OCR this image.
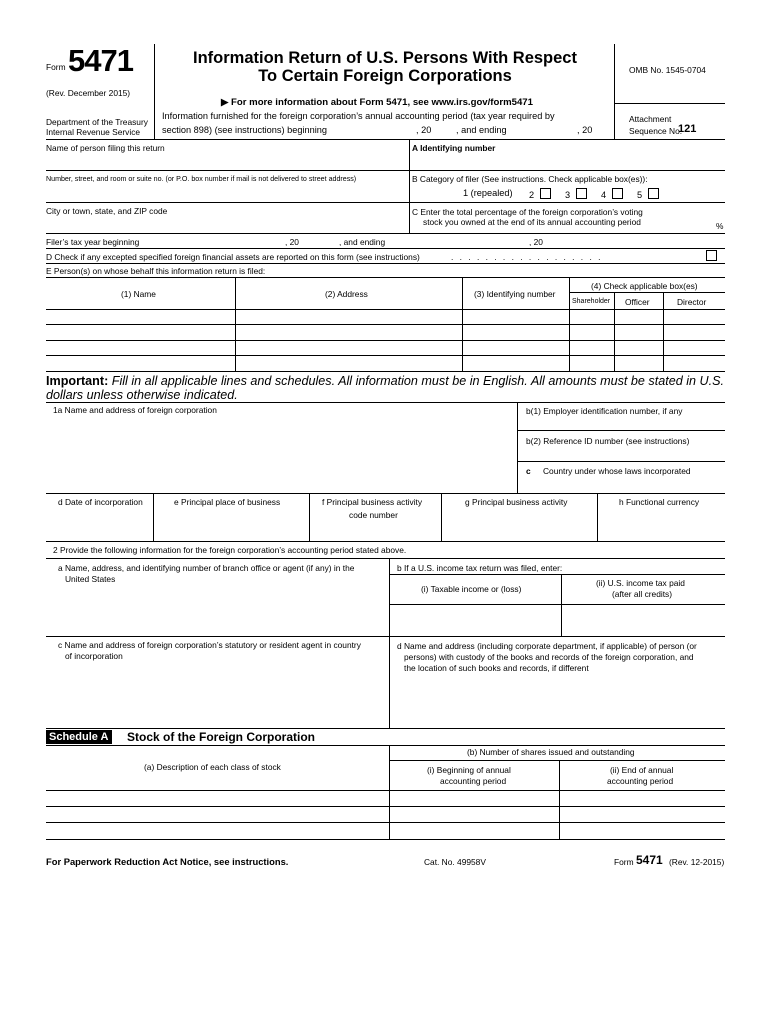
Form 5471
(Rev. December 2015)
Department of the Treasury
Internal Revenue Service
Information Return of U.S. Persons With Respect
To Certain Foreign Corporations
▶ For more information about Form 5471, see www.irs.gov/form5471
Information furnished for the foreign corporation’s annual accounting period (tax year required by
section 898) (see instructions) beginning	, 20	, and ending	, 20
OMB No. 1545-0704
Attachment
Sequence No.
121
Name of person filing this return	A Identifying number
Number, street, and room or suite no. (or P.O. box number if mail is not delivered to street address)	B Category of filer (See instructions. Check applicable box(es)):
1 (repealed) 2	3	4	5
City or town, state, and ZIP code	C Enter the total percentage of the foreign corporation’s voting
stock you owned at the end of its annual accounting period	%
Filer’s tax year beginning	, 20	, and ending	, 20
D Check if any excepted specified foreign financial assets are reported on this form (see instructions)	. . . . . . . . . . . . . . . . . .
E Person(s) on whose behalf this information return is filed:
(1) Name	(2) Address	(3) Identifying number
(4) Check applicable box(es)
Shareholder Officer	Director
Important: Fill in all applicable lines and schedules. All information must be in English. All amounts must be stated in U.S. dollars unless otherwise indicated.
1a Name and address of foreign corporation	b(1) Employer identification number, if any
b(2) Reference ID number (see instructions)
c Country under whose laws incorporated
d Date of incorporation	e Principal place of business	f Principal business activity
code number
g Principal business activity	h Functional currency
2 Provide the following information for the foreign corporation’s accounting period stated above.
a Name, address, and identifying number of branch office or agent (if any) in the
United States
b If a U.S. income tax return was filed, enter:
(i) Taxable income or (loss)
(ii) U.S. income tax paid
(after all credits)
c Name and address of foreign corporation’s statutory or resident agent in country
of incorporation
d Name and address (including corporate department, if applicable) of person (or
persons) with custody of the books and records of the foreign corporation, and
the location of such books and records, if different
Schedule A Stock of the Foreign Corporation
(a) Description of each class of stock
(b) Number of shares issued and outstanding
(i) Beginning of annual
accounting period
(ii) End of annual
accounting period
For Paperwork Reduction Act Notice, see instructions.	Cat. No. 49958V	Form 5471 (Rev. 12-2015)
